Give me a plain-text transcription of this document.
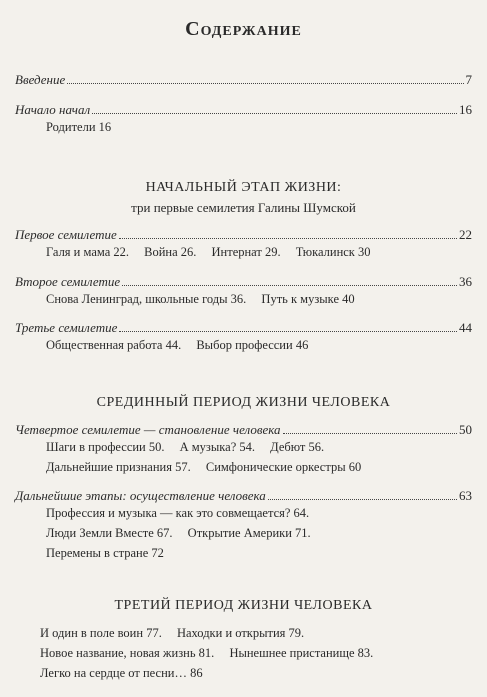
Содержание
Введение	7
Начало начал	16
Родители 16
НАЧАЛЬНЫЙ ЭТАП ЖИЗНИ:
три первые семилетия Галины Шумской
Первое семилетие	22
Галя и мама 22. Война 26. Интернат 29. Тюкалинск 30
Второе семилетие	36
Снова Ленинград, школьные годы 36. Путь к музыке 40
Третье семилетие	44
Общественная работа 44. Выбор профессии 46
СРЕДИННЫЙ ПЕРИОД ЖИЗНИ ЧЕЛОВЕКА
Четвертое семилетие — становление человека	50
Шаги в профессии 50. А музыка? 54. Дебют 56.
Дальнейшие признания 57. Симфонические оркестры 60
Дальнейшие этапы: осуществление человека	63
Профессия и музыка — как это совмещается? 64.
Люди Земли Вместе 67. Открытие Америки 71.
Перемены в стране 72
ТРЕТИЙ ПЕРИОД ЖИЗНИ ЧЕЛОВЕКА
И один в поле воин 77. Находки и открытия 79.
Новое название, новая жизнь 81. Нынешнее пристанище 83.
Легко на сердце от песни… 86
